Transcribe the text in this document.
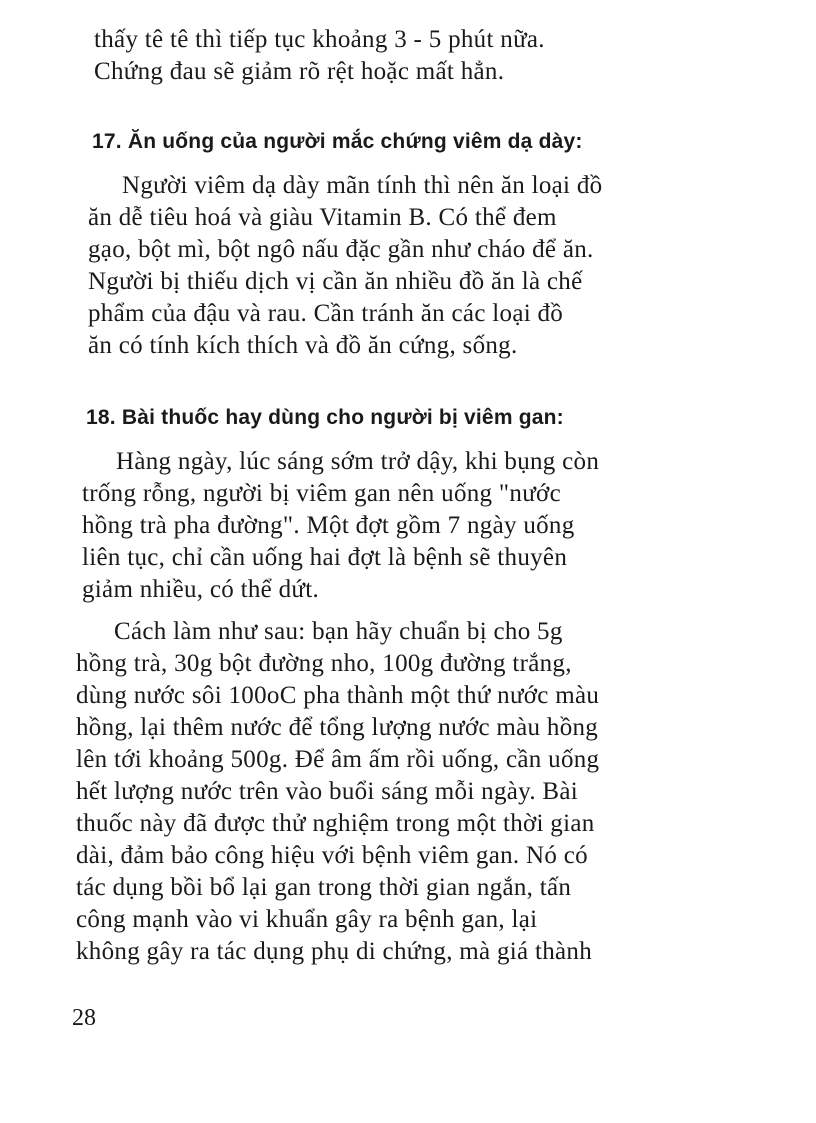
thấy tê tê thì tiếp tục khoảng 3 - 5 phút nữa.
Chứng đau sẽ giảm rõ rệt hoặc mất hẳn.
17. Ăn uống của người mắc chứng viêm dạ dày:
Người viêm dạ dày mãn tính thì nên ăn loại đồ
ăn dễ tiêu hoá và giàu Vitamin B. Có thể đem
gạo, bột mì, bột ngô nấu đặc gần như cháo để ăn.
Người bị thiếu dịch vị cần ăn nhiều đồ ăn là chế
phẩm của đậu và rau. Cần tránh ăn các loại đồ
ăn có tính kích thích và đồ ăn cứng, sống.
18. Bài thuốc hay dùng cho người bị viêm gan:
Hàng ngày, lúc sáng sớm trở dậy, khi bụng còn
trống rỗng, người bị viêm gan nên uống "nước
hồng trà pha đường". Một đợt gồm 7 ngày uống
liên tục, chỉ cần uống hai đợt là bệnh sẽ thuyên
giảm nhiều, có thể dứt.
Cách làm như sau: bạn hãy chuẩn bị cho 5g
hồng trà, 30g bột đường nho, 100g đường trắng,
dùng nước sôi 100oC pha thành một thứ nước màu
hồng, lại thêm nước để tổng lượng nước màu hồng
lên tới khoảng 500g. Để âm ấm rồi uống, cần uống
hết lượng nước trên vào buổi sáng mỗi ngày. Bài
thuốc này đã được thử nghiệm trong một thời gian
dài, đảm bảo công hiệu với bệnh viêm gan. Nó có
tác dụng bồi bổ lại gan trong thời gian ngắn, tấn
công mạnh vào vi khuẩn gây ra bệnh gan, lại
không gây ra tác dụng phụ di chứng, mà giá thành
28
